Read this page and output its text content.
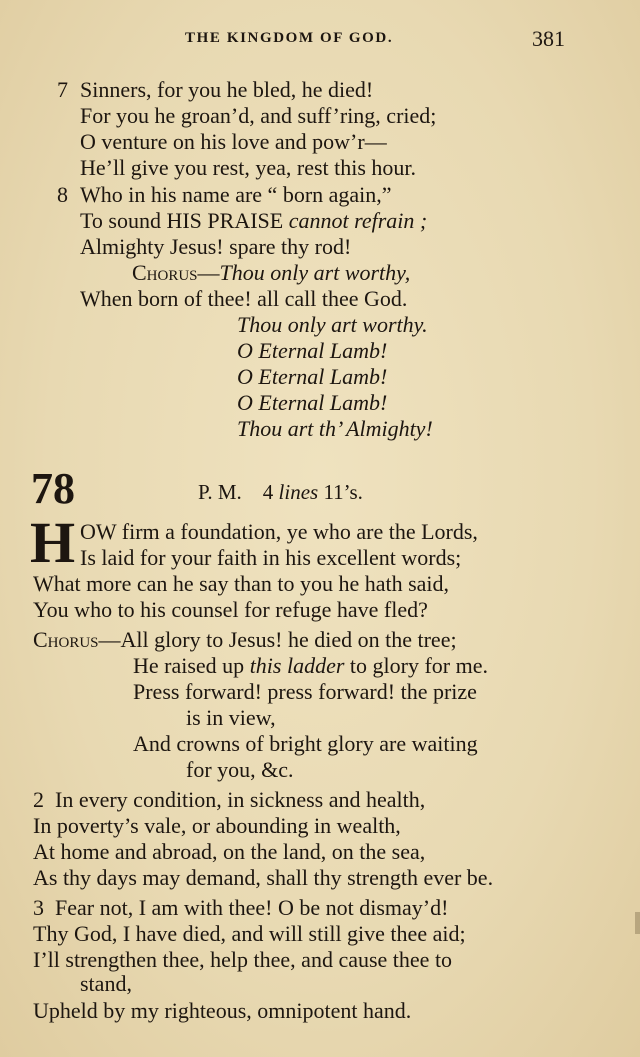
THE KINGDOM OF GOD.	381
7 Sinners, for you he bled, he died!
For you he groan’d, and suff’ring, cried;
O venture on his love and pow’r—
He’ll give you rest, yea, rest this hour.
8 Who in his name are “ born again,”
To sound HIS PRAISE cannot refrain ;
Almighty Jesus! spare thy rod!
Chorus—Thou only art worthy,
When born of thee! all call thee God.
Thou only art worthy.
O Eternal Lamb!
O Eternal Lamb!
O Eternal Lamb!
Thou art th’ Almighty!
78	P. M.    4 lines 11’s.
H OW firm a foundation, ye who are the Lords,
Is laid for your faith in his excellent words;
What more can he say than to you he hath said,
You who to his counsel for refuge have fled?
Chorus—All glory to Jesus! he died on the tree;
He raised up this ladder to glory for me.
Press forward! press forward! the prize
is in view,
And crowns of bright glory are waiting
for you, &c.
2 In every condition, in sickness and health,
In poverty’s vale, or abounding in wealth,
At home and abroad, on the land, on the sea,
As thy days may demand, shall thy strength ever be.
3 Fear not, I am with thee! O be not dismay’d!
Thy God, I have died, and will still give thee aid;
I’ll strengthen thee, help thee, and cause thee to
stand,
Upheld by my righteous, omnipotent hand.
